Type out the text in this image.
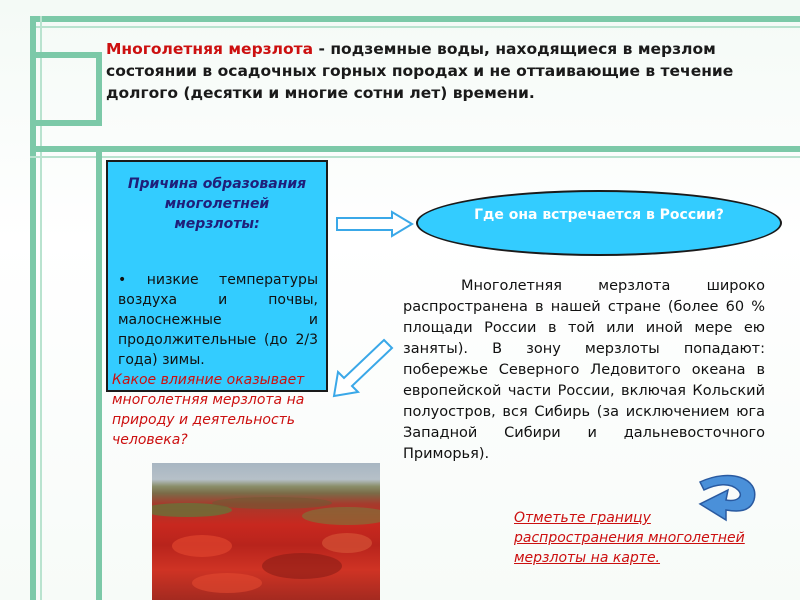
Многолетняя мерзлота - подземные воды, находящиеся в мерзлом состоянии в осадочных горных породах и не оттаивающие в течение долгого (десятки и многие сотни лет) времени.
Причина образования многолетней мерзлоты:
• низкие температуры воздуха и почвы, малоснежные и продолжительные (до 2/3 года) зимы.
Где она встречается в России?

Многолетняя мерзлота широко распространена в нашей стране (более 60 % площади России в той или иной мере ею заняты). В зону мерзлоты попадают: побережье Северного Ледовитого океана в европейской части России, включая Кольский полуостров, вся Сибирь (за исключением юга Западной Сибири и дальневосточного Приморья).

Какое влияние оказывает многолетняя мерзлота на природу и деятельность человека?
Отметьте границу распространения многолетней мерзлоты на карте.
